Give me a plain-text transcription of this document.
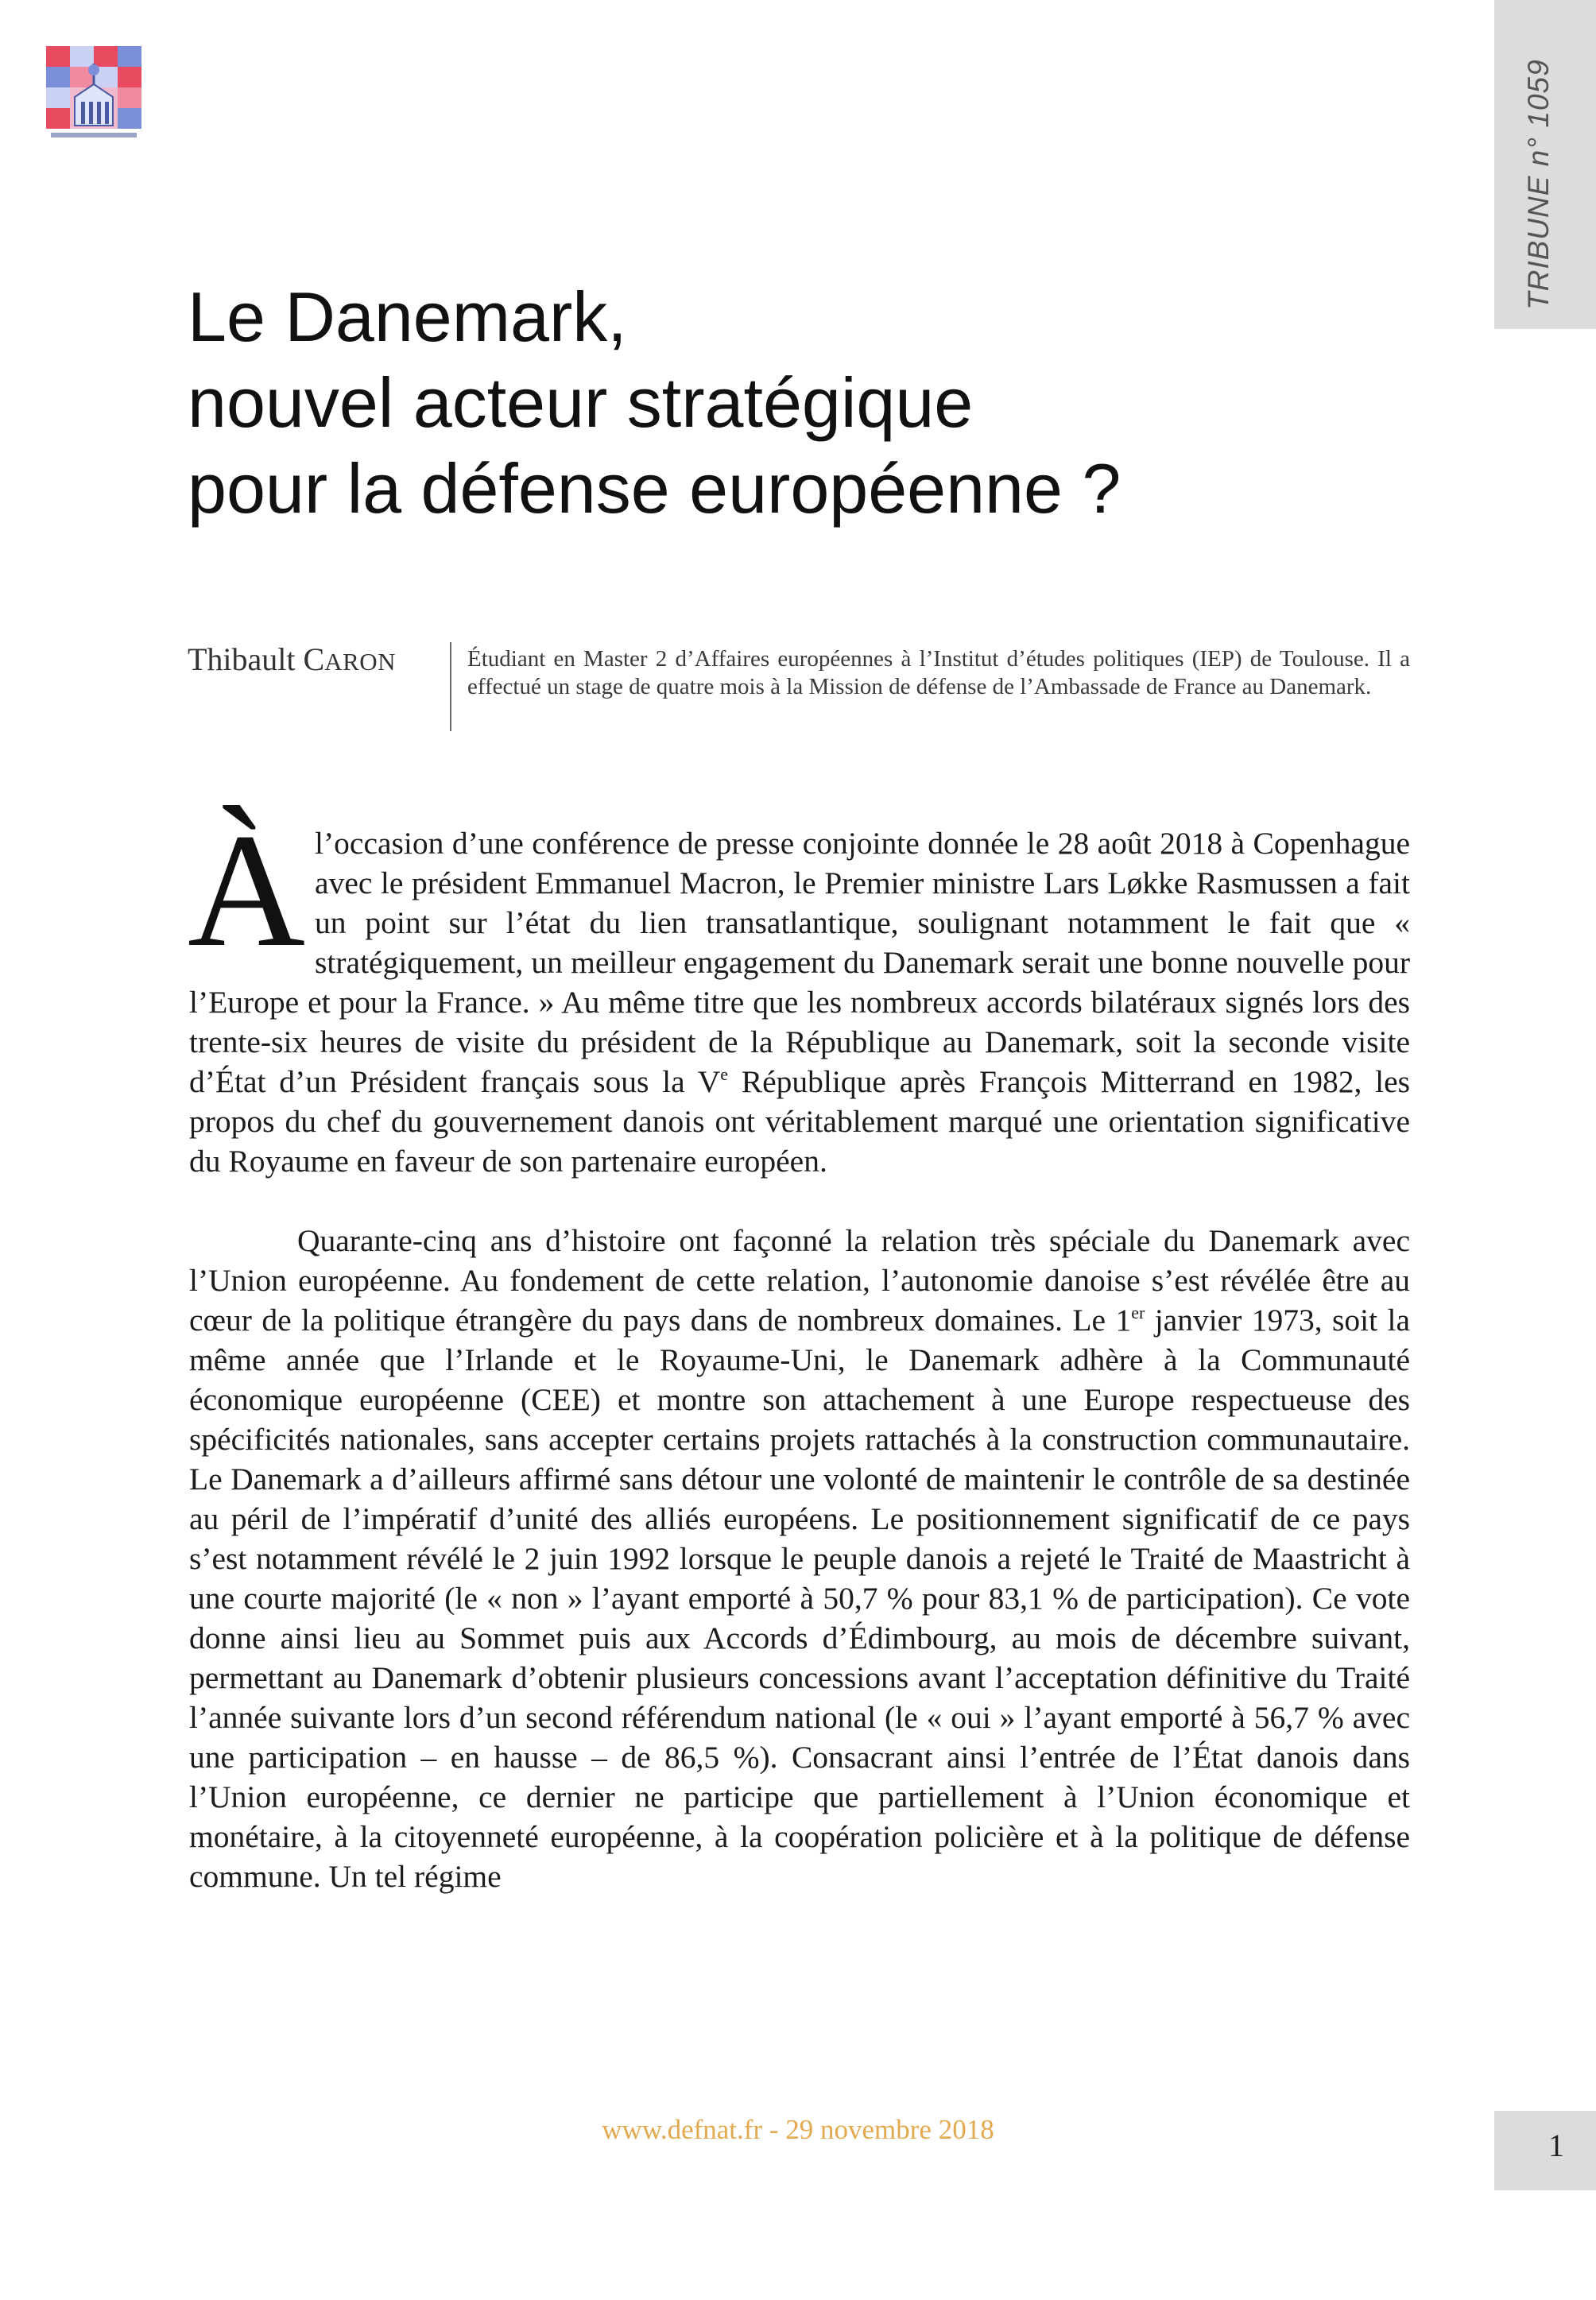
TRIBUNE n° 1059
Le Danemark,
nouvel acteur stratégique
pour la défense européenne ?
Thibault CARON	Étudiant en Master 2 d’Affaires européennes à l’Institut d’études politiques (IEP) de Toulouse. Il a effectué un stage de quatre mois à la Mission de défense de l’Ambassade de France au Danemark.

À l’occasion d’une conférence de presse conjointe donnée le 28 août 2018 à Copenhague avec le président Emmanuel Macron, le Premier ministre Lars Løkke Rasmussen a fait un point sur l’état du lien transatlantique, soulignant notamment le fait que « stratégiquement, un meilleur engagement du Danemark serait une bonne nouvelle pour l’Europe et pour la France. » Au même titre que les nombreux accords bilatéraux signés lors des trente-six heures de visite du président de la République au Danemark, soit la seconde visite d’État d’un Président français sous la Ve République après François Mitterrand en 1982, les propos du chef du gouvernement danois ont véritablement marqué une orientation significative du Royaume en faveur de son partenaire européen.

Quarante-cinq ans d’histoire ont façonné la relation très spéciale du Danemark avec l’Union européenne. Au fondement de cette relation, l’autonomie danoise s’est révélée être au cœur de la politique étrangère du pays dans de nombreux domaines. Le 1er janvier 1973, soit la même année que l’Irlande et le Royaume-Uni, le Danemark adhère à la Communauté économique européenne (CEE) et montre son attachement à une Europe respectueuse des spécificités nationales, sans accepter certains projets rattachés à la construction communautaire. Le Danemark a d’ailleurs affirmé sans détour une volonté de maintenir le contrôle de sa destinée au péril de l’impératif d’unité des alliés européens. Le positionnement significatif de ce pays s’est notamment révélé le 2 juin 1992 lorsque le peuple danois a rejeté le Traité de Maastricht à une courte majorité (le « non » l’ayant emporté à 50,7 % pour 83,1 % de participation). Ce vote donne ainsi lieu au Sommet puis aux Accords d’Édimbourg, au mois de décembre suivant, permettant au Danemark d’obtenir plusieurs concessions avant l’acceptation définitive du Traité l’année suivante lors d’un second référendum national (le « oui » l’ayant emporté à 56,7 % avec une participation – en hausse – de 86,5 %). Consacrant ainsi l’entrée de l’État danois dans l’Union européenne, ce dernier ne participe que partiellement à l’Union économique et monétaire, à la citoyenneté européenne, à la coopération policière et à la politique de défense commune. Un tel régime

www.defnat.fr - 29 novembre 2018	1
